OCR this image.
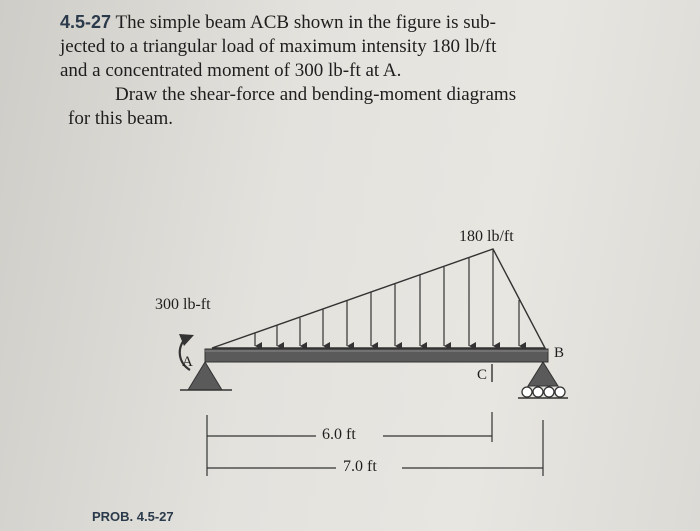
4.5-27 The simple beam ACB shown in the figure is sub-
jected to a triangular load of maximum intensity 180 lb/ft
and a concentrated moment of 300 lb-ft at A.
Draw the shear-force and bending-moment diagrams
for this beam.
180 lb/ft
300 lb-ft
A
B
C
6.0 ft
7.0 ft
PROB. 4.5-27
